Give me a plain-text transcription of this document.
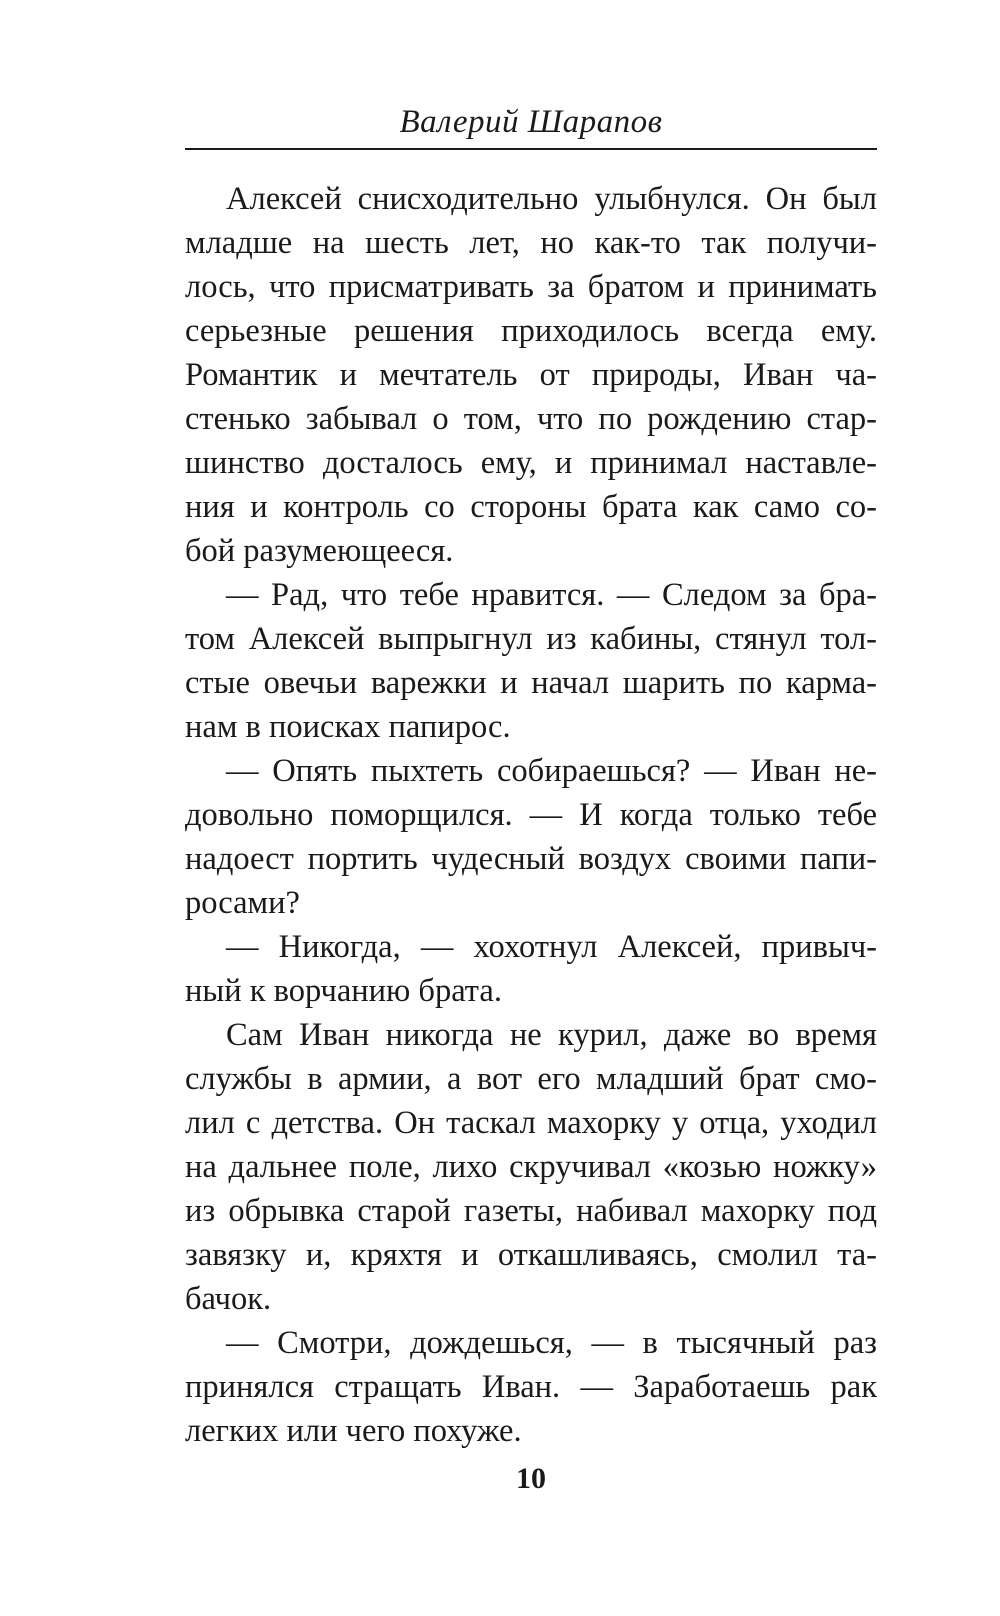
Валерий Шарапов
Алексей снисходительно улыбнулся. Он был
младше на шесть лет, но как-то так получи-
лось, что присматривать за братом и принимать
серьезные решения приходилось всегда ему.
Романтик и мечтатель от природы, Иван ча-
стенько забывал о том, что по рождению стар-
шинство досталось ему, и принимал наставле-
ния и контроль со стороны брата как само со-
бой разумеющееся.
— Рад, что тебе нравится. — Следом за бра-
том Алексей выпрыгнул из кабины, стянул тол-
стые овечьи варежки и начал шарить по карма-
нам в поисках папирос.
— Опять пыхтеть собираешься? — Иван не-
довольно поморщился. — И когда только тебе
надоест портить чудесный воздух своими папи-
росами?
— Никогда, — хохотнул Алексей, привыч-
ный к ворчанию брата.
Сам Иван никогда не курил, даже во время
службы в армии, а вот его младший брат смо-
лил с детства. Он таскал махорку у отца, уходил
на дальнее поле, лихо скручивал «козью ножку»
из обрывка старой газеты, набивал махорку под
завязку и, кряхтя и откашливаясь, смолил та-
бачок.
— Смотри, дождешься, — в тысячный раз
принялся стращать Иван. — Заработаешь рак
легких или чего похуже.
10
